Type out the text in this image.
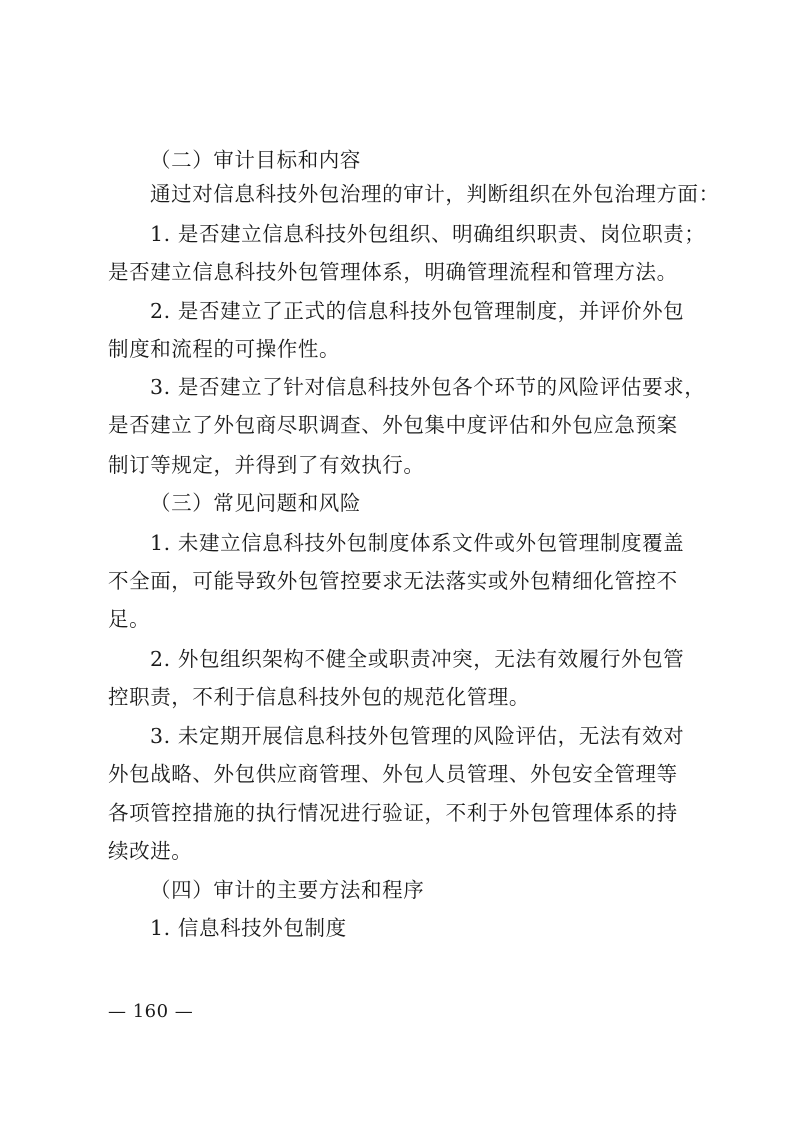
（二）审计目标和内容
通过对信息科技外包治理的审计，判断组织在外包治理方面：
1. 是否建立信息科技外包组织、明确组织职责、岗位职责；
是否建立信息科技外包管理体系，明确管理流程和管理方法。
2. 是否建立了正式的信息科技外包管理制度，并评价外包
制度和流程的可操作性。
3. 是否建立了针对信息科技外包各个环节的风险评估要求，
是否建立了外包商尽职调查、外包集中度评估和外包应急预案
制订等规定，并得到了有效执行。
（三）常见问题和风险
1. 未建立信息科技外包制度体系文件或外包管理制度覆盖
不全面，可能导致外包管控要求无法落实或外包精细化管控不
足。
2. 外包组织架构不健全或职责冲突，无法有效履行外包管
控职责，不利于信息科技外包的规范化管理。
3. 未定期开展信息科技外包管理的风险评估，无法有效对
外包战略、外包供应商管理、外包人员管理、外包安全管理等
各项管控措施的执行情况进行验证，不利于外包管理体系的持
续改进。
（四）审计的主要方法和程序
1. 信息科技外包制度
— 160 —
